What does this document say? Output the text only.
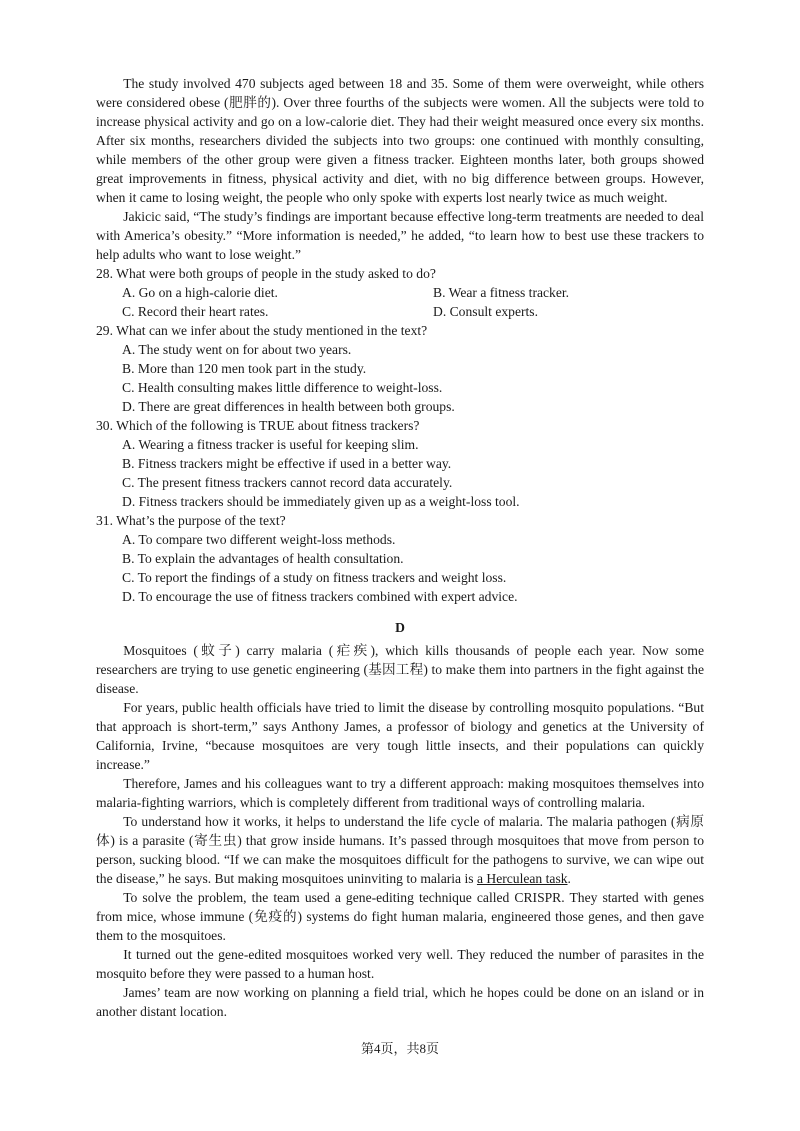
The study involved 470 subjects aged between 18 and 35. Some of them were overweight, while others were considered obese (肥胖的). Over three fourths of the subjects were women. All the subjects were told to increase physical activity and go on a low-calorie diet. They had their weight measured once every six months. After six months, researchers divided the subjects into two groups: one continued with monthly consulting, while members of the other group were given a fitness tracker. Eighteen months later, both groups showed great improvements in fitness, physical activity and diet, with no big difference between groups. However, when it came to losing weight, the people who only spoke with experts lost nearly twice as much weight.

Jakicic said, “The study’s findings are important because effective long-term treatments are needed to deal with America’s obesity.” “More information is needed,” he added, “to learn how to best use these trackers to help adults who want to lose weight.”

28. What were both groups of people in the study asked to do?

A. Go on a high-calorie diet.	B. Wear a fitness tracker.
C. Record their heart rates.	D. Consult experts.

29. What can we infer about the study mentioned in the text?

A. The study went on for about two years.

B. More than 120 men took part in the study.

C. Health consulting makes little difference to weight-loss.

D. There are great differences in health between both groups.

30. Which of the following is TRUE about fitness trackers?

A. Wearing a fitness tracker is useful for keeping slim.

B. Fitness trackers might be effective if used in a better way.

C. The present fitness trackers cannot record data accurately.

D. Fitness trackers should be immediately given up as a weight-loss tool.

31. What’s the purpose of the text?

A. To compare two different weight-loss methods.

B. To explain the advantages of health consultation.

C. To report the findings of a study on fitness trackers and weight loss.

D. To encourage the use of fitness trackers combined with expert advice.

D

Mosquitoes (蚊子) carry malaria (疟疾), which kills thousands of people each year. Now some researchers are trying to use genetic engineering (基因工程) to make them into partners in the fight against the disease.

For years, public health officials have tried to limit the disease by controlling mosquito populations. “But that approach is short-term,” says Anthony James, a professor of biology and genetics at the University of California, Irvine, “because mosquitoes are very tough little insects, and their populations can quickly increase.”

Therefore, James and his colleagues want to try a different approach: making mosquitoes themselves into malaria-fighting warriors, which is completely different from traditional ways of controlling malaria.

To understand how it works, it helps to understand the life cycle of malaria. The malaria pathogen (病原体) is a parasite (寄生虫) that grow inside humans. It’s passed through mosquitoes that move from person to person, sucking blood. “If we can make the mosquitoes difficult for the pathogens to survive, we can wipe out the disease,” he says. But making mosquitoes uninviting to malaria is a Herculean task.

To solve the problem, the team used a gene-editing technique called CRISPR. They started with genes from mice, whose immune (免疫的) systems do fight human malaria, engineered those genes, and then gave them to the mosquitoes.

It turned out the gene-edited mosquitoes worked very well. They reduced the number of parasites in the mosquito before they were passed to a human host.

James’ team are now working on planning a field trial, which he hopes could be done on an island or in another distant location.

第4页，共8页
